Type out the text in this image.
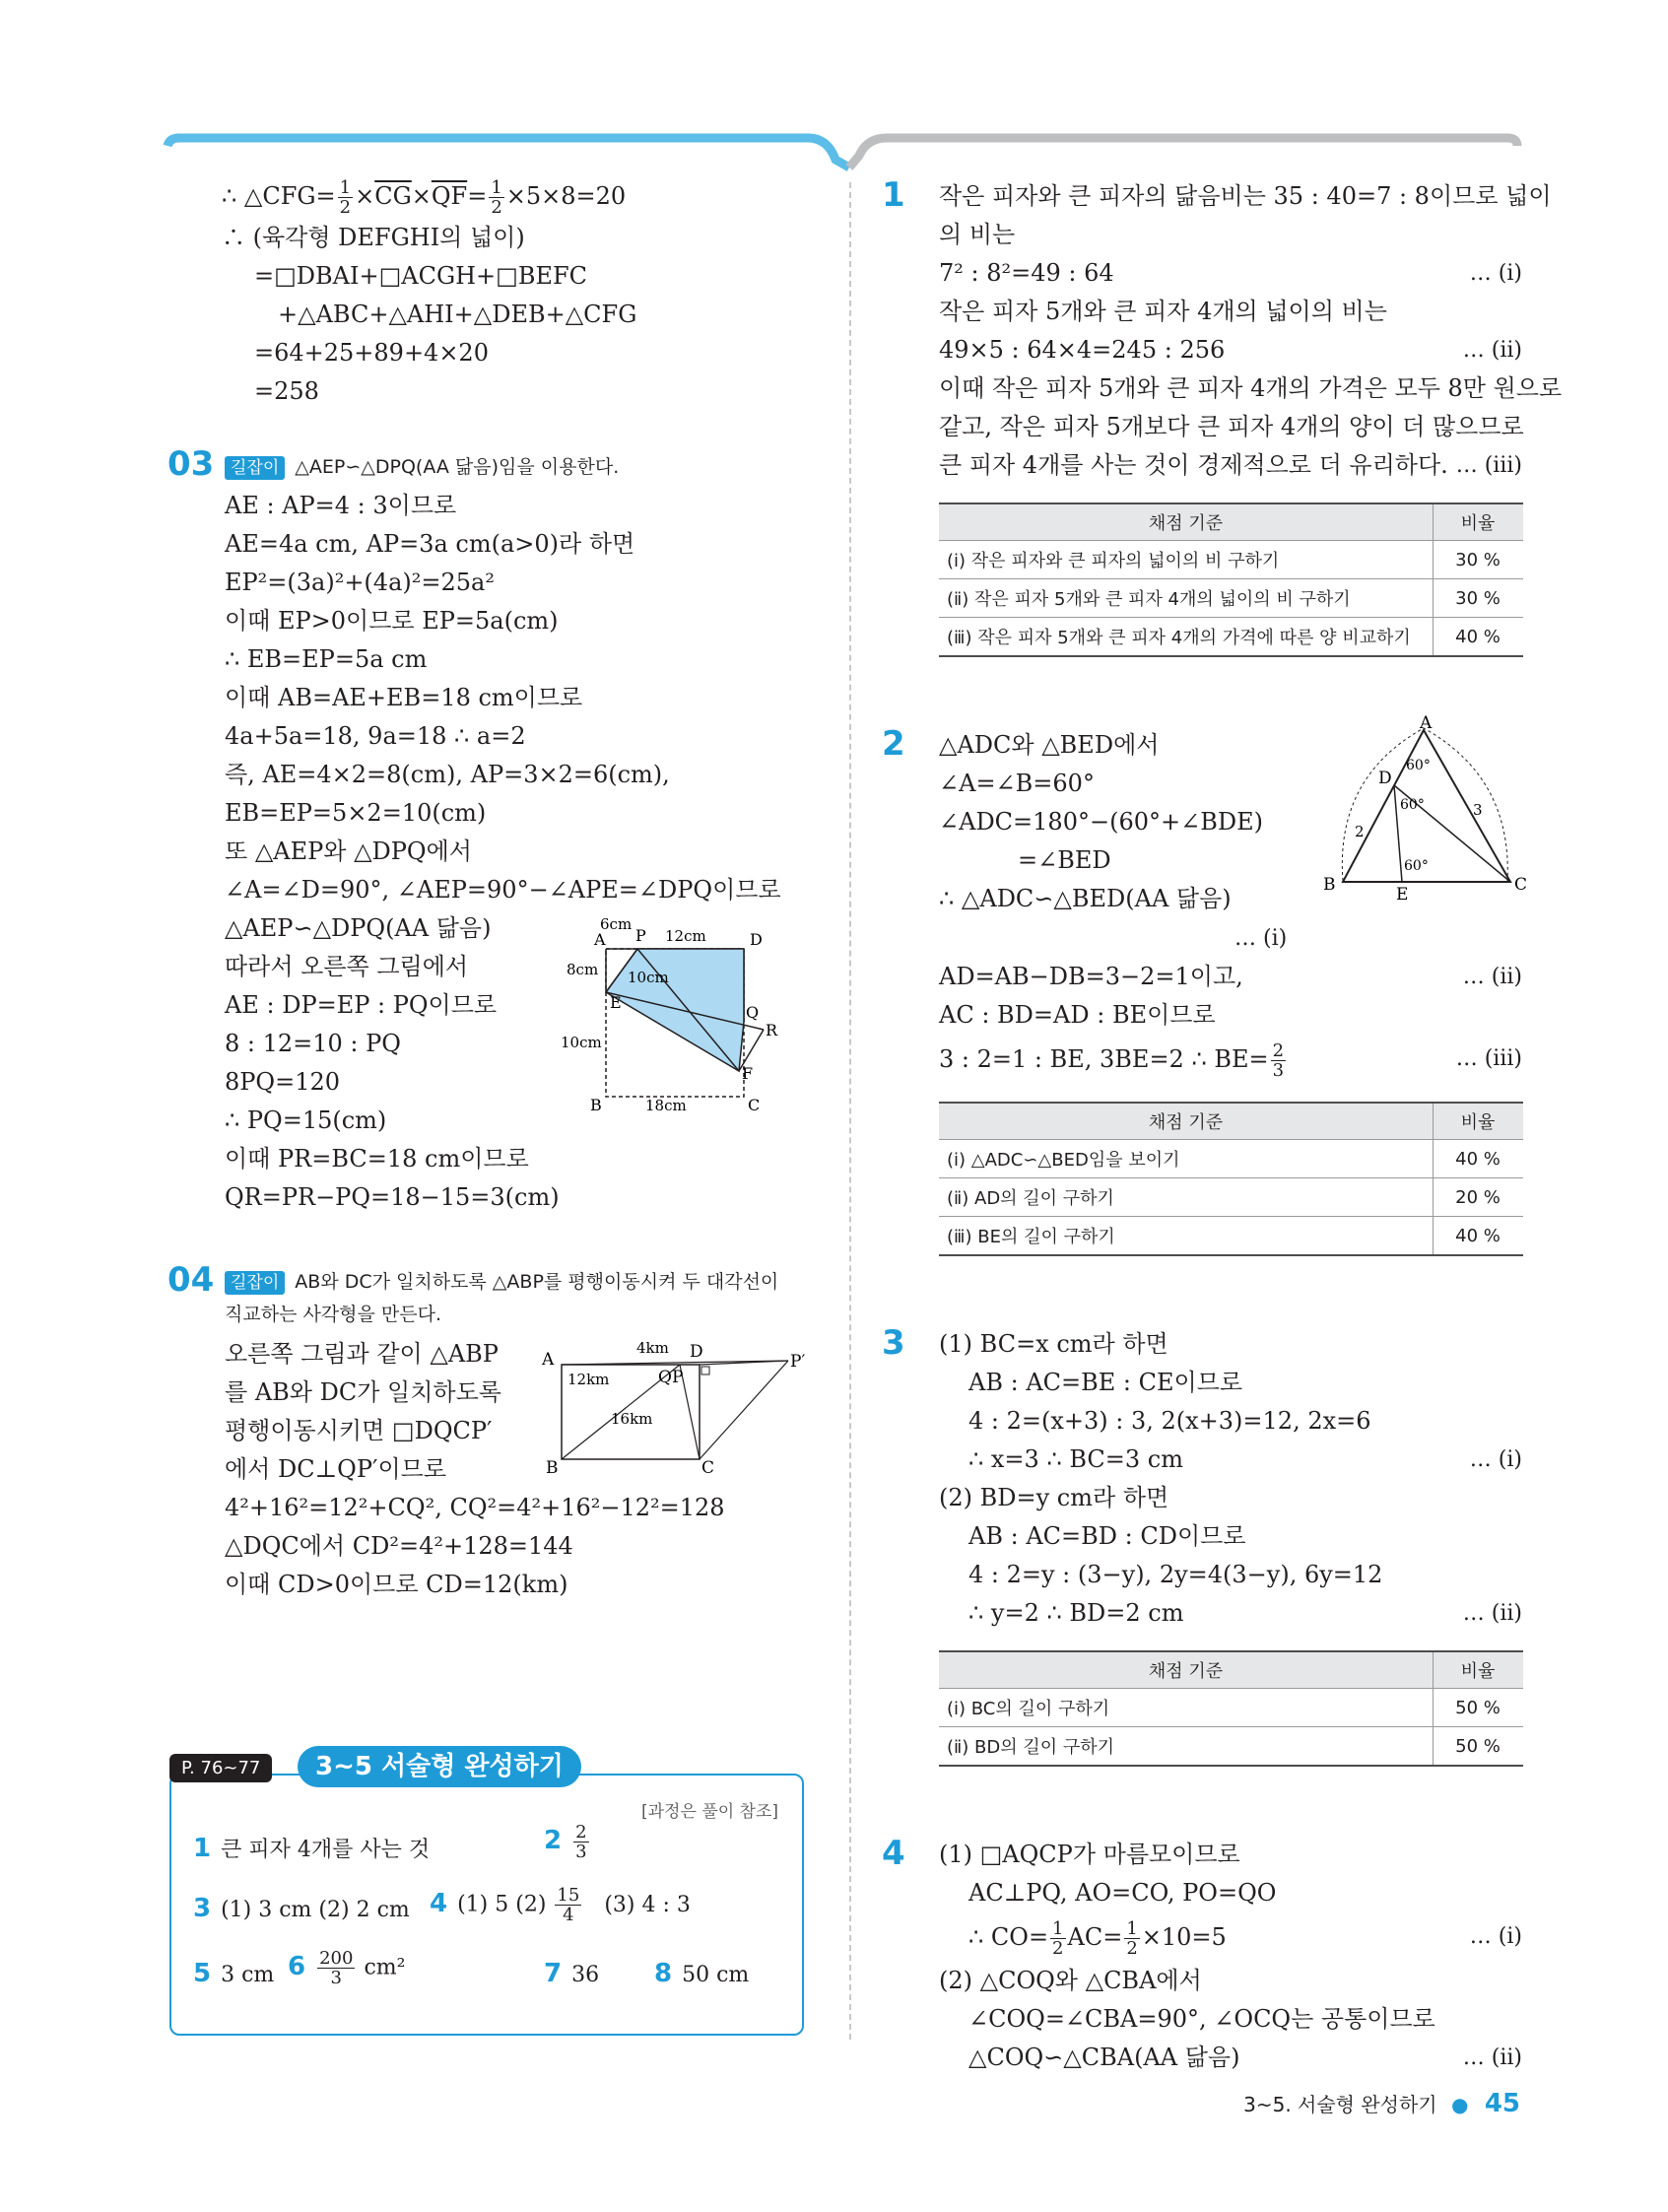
∴ △CFG= $\frac{1}{2} \times\overline{CG}\times\overline{QF}= \frac{1}{2} \times 5\times 8=20$
∴ (육각형 DEFGHI의 넓이)
=□DBAI+□ACGH+□BEFC
+△ABC+△AHI+△DEB+△CFG
=64+25+89+4×20
=258
03 길잡이 △AEP∽△DPQ(AA 닮음)임을 이용한다.
AE : AP=4 : 3이므로
AE=4a cm, AP=3a cm(a>0)라 하면
EP²=(3a)²+(4a)²=25a²
이때 EP>0이므로 EP=5a(cm)
∴ EB=EP=5a cm
이때 AB=AE+EB=18 cm이므로
4a+5a=18, 9a=18 ∴ a=2
즉, AE=4×2=8(cm), AP=3×2=6(cm),
EB=EP=5×2=10(cm)
또 △AEP와 △DPQ에서
∠A=∠D=90°, ∠AEP=90°−∠APE=∠DPQ이므로
△AEP∽△DPQ(AA 닮음)
따라서 오른쪽 그림에서
AE : DP=EP : PQ이므로
8 : 12=10 : PQ
8PQ=120
∴ PQ=15(cm)
이때 PR=BC=18 cm이므로
QR=PR−PQ=18−15=3(cm)
A P	D
E
Q
R
F
B	C
6cm
12cm
8cm 10cm
10cm
18cm
04 길잡이 AB와 DC가 일치하도록 △ABP를 평행이동시켜 두 대각선이
직교하는 사각형을 만든다.
오른쪽 그림과 같이 △ABP
를 AB와 DC가 일치하도록
평행이동시키면 □DQCP′
에서 DC⊥QP′이므로
4²+16²=12²+CQ², CQ²=4²+16²−12²=128
△DQC에서 CD²=4²+128=144
이때 CD>0이므로 CD=12(km)
A	D	P′
P
Q
B	C
4km
12km
16km
P. 76~77	3~5 서술형 완성하기
[과정은 풀이 참조]
1 큰 피자 4개를 사는 것	$2 \frac{2}{3}$
3 (1) 3 cm (2) 2 cm 4 (1) 5 $(2) \frac{15}{4} (3)$ 4 : 3
5 3 cm $6 \frac{200}{3} cm^2$	7 36 8 50 cm
1 작은 피자와 큰 피자의 닮음비는 35 : 40=7 : 8이므로 넓이
의 비는
7² : 8²=49 : 64	… (ⅰ)
작은 피자 5개와 큰 피자 4개의 넓이의 비는
49×5 : 64×4=245 : 256	… (ⅱ)
이때 작은 피자 5개와 큰 피자 4개의 가격은 모두 8만 원으로
같고, 작은 피자 5개보다 큰 피자 4개의 양이 더 많으므로
큰 피자 4개를 사는 것이 경제적으로 더 유리하다. … (ⅲ)
채점 기준	비율
(ⅰ) 작은 피자와 큰 피자의 넓이의 비 구하기	30 %
(ⅱ) 작은 피자 5개와 큰 피자 4개의 넓이의 비 구하기	30 %
(ⅲ) 작은 피자 5개와 큰 피자 4개의 가격에 따른 양 비교하기	40 %
2 △ADC와 △BED에서
∠A=∠B=60°
∠ADC=180°−(60°+∠BDE)
=∠BED
∴ △ADC∽△BED(AA 닮음)
… (ⅰ)
AD=AB−DB=3−2=1이고,	… (ⅱ)
AC : BD=AD : BE이므로
3 : 2=1 : BE, 3BE=2 ∴ $BE= \frac{2}{3}$	… (ⅲ)
A
D
B	E	C
60°
60°
60°
2
3
채점 기준	비율
(ⅰ) △ADC∽△BED임을 보이기	40 %
(ⅱ) AD의 길이 구하기	20 %
(ⅲ) BE의 길이 구하기	40 %
3 (1) BC=x cm라 하면
AB : AC=BE : CE이므로
4 : 2=(x+3) : 3, 2(x+3)=12, 2x=6
∴ x=3 ∴ BC=3 cm	… (ⅰ)
(2) BD=y cm라 하면
AB : AC=BD : CD이므로
4 : 2=y : (3−y), 2y=4(3−y), 6y=12
∴ y=2 ∴ BD=2 cm	… (ⅱ)
채점 기준	비율
(ⅰ) BC의 길이 구하기	50 %
(ⅱ) BD의 길이 구하기	50 %
4 (1) □AQCP가 마름모이므로
AC⊥PQ, AO=CO, PO=QO
∴ $CO= \frac{1}{2} AC= \frac{1}{2} \times 10=5$	… (ⅰ)
(2) △COQ와 △CBA에서
∠COQ=∠CBA=90°, ∠OCQ는 공통이므로
△COQ∽△CBA(AA 닮음)	… (ⅱ)
3~5. 서술형 완성하기 ● 45
